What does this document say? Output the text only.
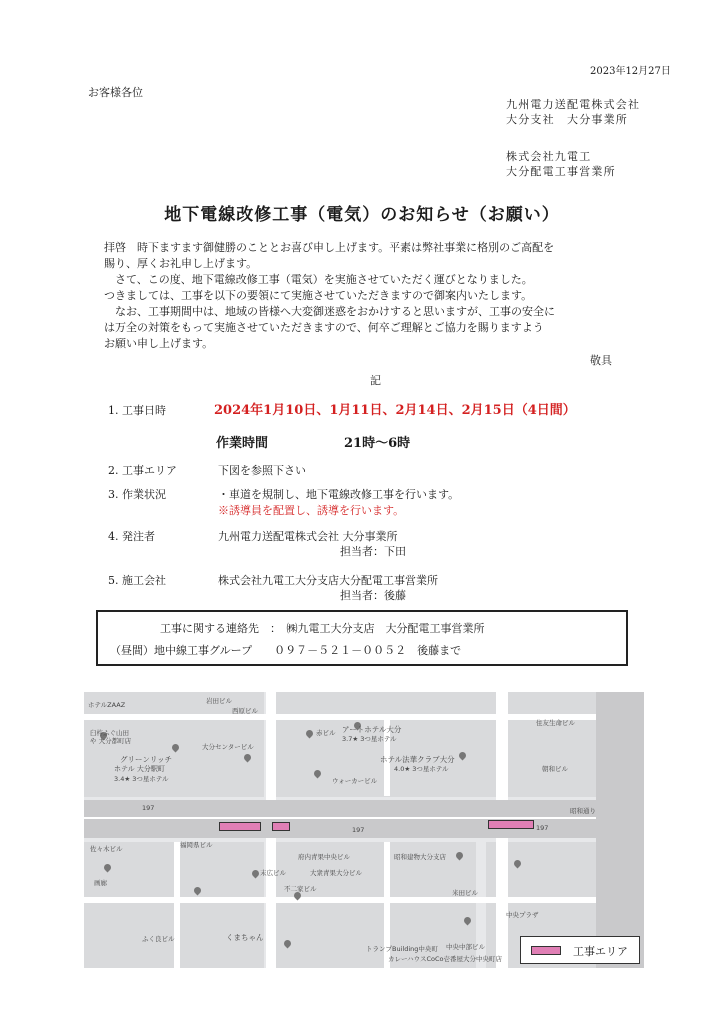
2023年12月27日
お客様各位
九州電力送配電株式会社
大分支社　大分事業所
株式会社九電工
大分配電工事営業所
地下電線改修工事（電気）のお知らせ（お願い）
拝啓　時下ますます御健勝のこととお喜び申し上げます。平素は弊社事業に格別のご高配を
賜り、厚くお礼申し上げます。
　さて、この度、地下電線改修工事（電気）を実施させていただく運びとなりました。
つきましては、工事を以下の要領にて実施させていただきますので御案内いたします。
　なお、工事期間中は、地域の皆様へ大変御迷惑をおかけすると思いますが、工事の安全に
は万全の対策をもって実施させていただきますので、何卒ご理解とご協力を賜りますよう
お願い申し上げます。
敬具
記
1. 工事日時	2024年1月10日、1月11日、2月14日、2月15日（4日間）
作業時間	21時～6時
2. 工事エリア	下図を参照下さい
3. 作業状況	・車道を規制し、地下電線改修工事を行います。
※誘導員を配置し、誘導を行います。
4. 発注者	九州電力送配電株式会社 大分事業所
担当者：下田
5. 施工会社	株式会社九電工大分支店大分配電工事営業所
担当者：後藤
工事に関する連絡先　：　㈱九電工大分支店　大分配電工事営業所
（昼間）地中線工事グループ　　０９７－５２１－００５２　後藤まで
ホテルZAAZ
臼杵ふぐ山田
や 大分都町店
岩田ビル
西原ビル
大分センタービル
赤ビル アートホテル大分
3.7★ 3つ星ホテル
グリーンリッチ
ホテル 大分駅町
3.4★ 3つ星ホテル
ホテル法華クラブ大分
4.0★ 3つ星ホテル
ウォーカービル
住友生命ビル
朝和ビル
197
197	197
昭和通り
府内青果中央ビル
大衆青果大分ビル
昭和建物大分支店
末広ビル
不二家ビル	米田ビル
中央プラザ
ふく良ビル	くまちゃん
トランプBuilding中央町
カレーハウスCoCo壱番屋大分中央町店
中央中部ビル
佐々木ビル	福岡県ビル
画廊
工事エリア
